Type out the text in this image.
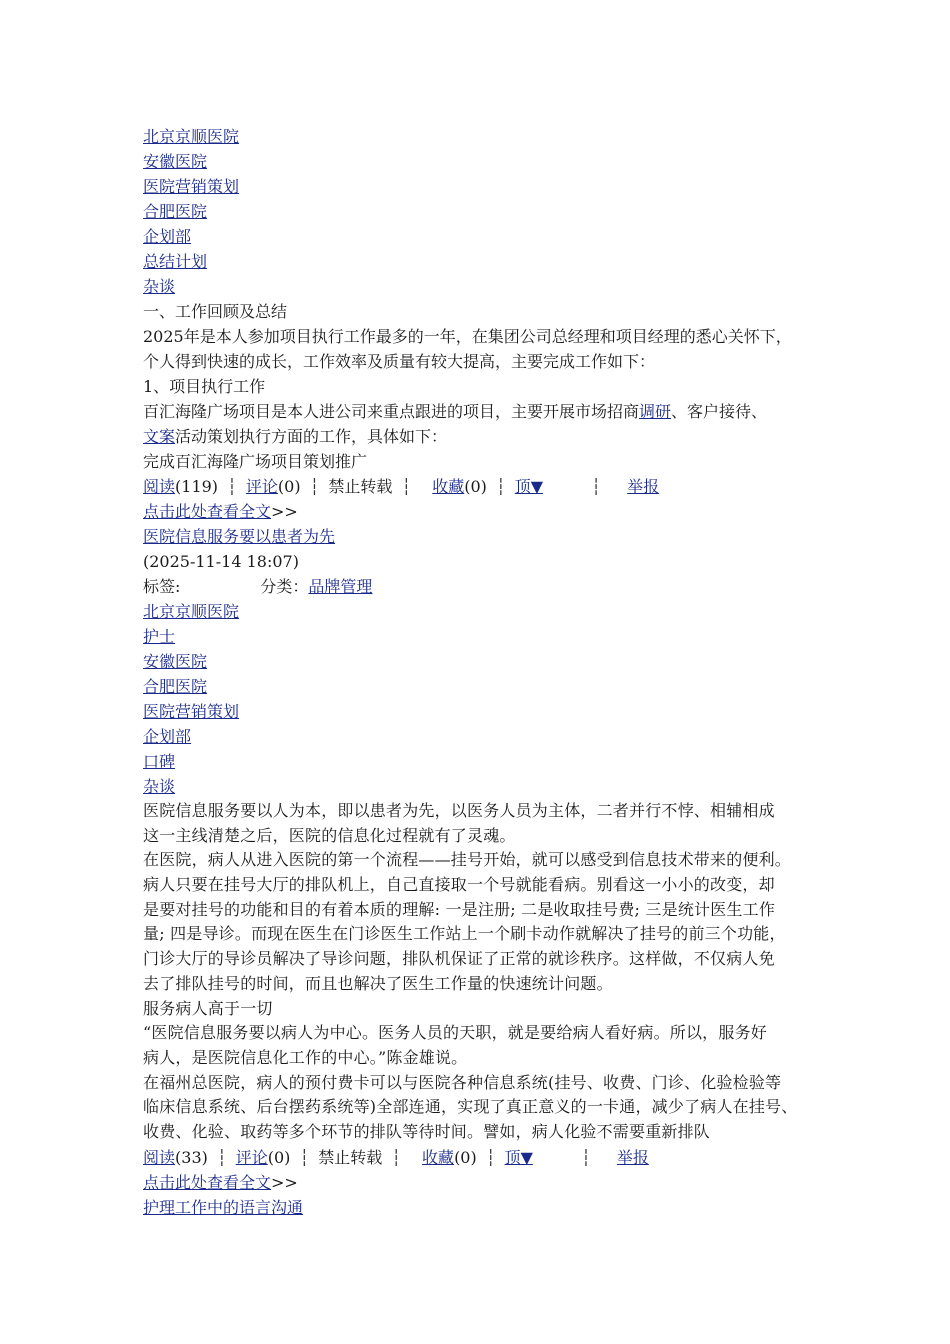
北京京顺医院
安徽医院
医院营销策划
合肥医院
企划部
总结计划
杂谈
一、工作回顾及总结
2025年是本人参加项目执行工作最多的一年，在集团公司总经理和项目经理的悉心关怀下，
个人得到快速的成长，工作效率及质量有较大提高，主要完成工作如下：
1、项目执行工作
百汇海隆广场项目是本人进公司来重点跟进的项目，主要开展市场招商调研、客户接待、
文案活动策划执行方面的工作，具体如下：
完成百汇海隆广场项目策划推广
阅读(119) ┆ 评论(0) ┆ 禁止转载 ┆ 收藏(0) ┆ 顶▼	┆ 举报
点击此处查看全文>>
医院信息服务要以患者为先
(2025-11-14 18:07)
标签:	分类：品牌管理
北京京顺医院
护士
安徽医院
合肥医院
医院营销策划
企划部
口碑
杂谈
医院信息服务要以人为本，即以患者为先，以医务人员为主体，二者并行不悖、相辅相成
这一主线清楚之后，医院的信息化过程就有了灵魂。
在医院，病人从进入医院的第一个流程——挂号开始，就可以感受到信息技术带来的便利。
病人只要在挂号大厅的排队机上，自己直接取一个号就能看病。别看这一小小的改变，却
是要对挂号的功能和目的有着本质的理解: 一是注册; 二是收取挂号费; 三是统计医生工作
量; 四是导诊。而现在医生在门诊医生工作站上一个刷卡动作就解决了挂号的前三个功能，
门诊大厅的导诊员解决了导诊问题，排队机保证了正常的就诊秩序。这样做，不仅病人免
去了排队挂号的时间，而且也解决了医生工作量的快速统计问题。
服务病人高于一切
“医院信息服务要以病人为中心。医务人员的天职，就是要给病人看好病。所以，服务好
病人，是医院信息化工作的中心。”陈金雄说。
在福州总医院，病人的预付费卡可以与医院各种信息系统(挂号、收费、门诊、化验检验等
临床信息系统、后台摆药系统等)全部连通，实现了真正意义的一卡通，减少了病人在挂号、
收费、化验、取药等多个环节的排队等待时间。譬如，病人化验不需要重新排队
阅读(33) ┆ 评论(0) ┆ 禁止转载 ┆ 收藏(0) ┆ 顶▼	┆ 举报
点击此处查看全文>>
护理工作中的语言沟通
